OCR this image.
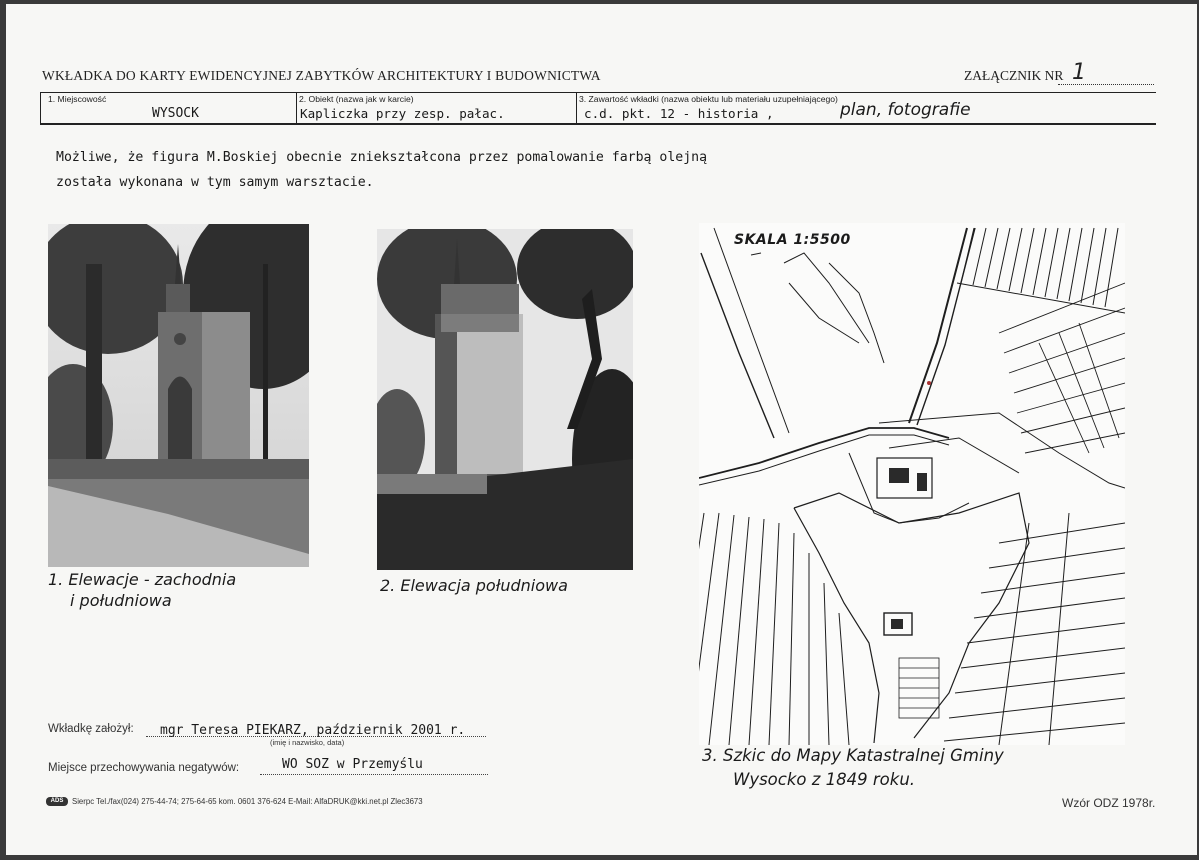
WKŁADKA DO KARTY EWIDENCYJNEJ ZABYTKÓW ARCHITEKTURY I BUDOWNICTWA	ZAŁĄCZNIK NR 1
1. Miejscowość
WYSOCK
2. Obiekt (nazwa jak w karcie)
Kapliczka przy zesp. pałac.
3. Zawartość wkładki (nazwa obiektu lub materiału uzupełniającego)
c.d. pkt. 12 - historia ,	plan, fotografie
Możliwe, że figura M.Boskiej obecnie zniekształcona przez pomalowanie farbą olejną
została wykonana w tym samym warsztacie.
1. Elewacje - zachodnia
i południowa
2. Elewacja południowa
SKALA 1:5500
3. Szkic do Mapy Katastralnej Gminy
Wysocko z 1849 roku.
Wkładkę założył: mgr Teresa PIEKARZ, październik 2001 r.
(imię i nazwisko, data)
Miejsce przechowywania negatywów:	WO SOZ w Przemyślu
ADS	Sierpc Tel./fax(024) 275-44-74; 275-64-65 kom. 0601 376-624 E-Mail: AlfaDRUK@kki.net.pl Zlec3673	Wzór ODZ 1978r.
